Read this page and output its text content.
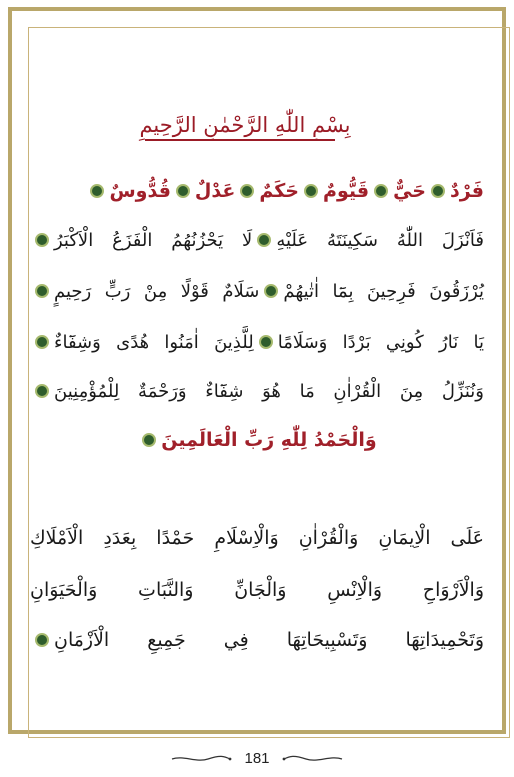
بِسْمِ اللّٰهِ الرَّحْمٰنِ الرَّحِيمِ
فَرْدٌحَيٌّقَيُّومٌحَكَمٌعَدْلٌقُدُّوسٌ
فَاَنْزَلَ اللّٰهُ سَكِينَتَهُ عَلَيْهِلَا يَحْزُنُهُمُ الْفَزَعُ الْاَكْبَرُ
يُرْزَقُونَ فَرِحِينَ بِمَٓا اٰتٰيهُمْسَلَامٌ قَوْلًا مِنْ رَبٍّ رَحِيمٍ
يَا نَارُ كُونِي بَرْدًا وَسَلَامًالِلَّذِينَ اٰمَنُوا هُدًى وَشِفَٓاءٌ
وَنُنَزِّلُ مِنَ الْقُرْاٰنِ مَا هُوَ شِفَٓاءٌ وَرَحْمَةٌ لِلْمُؤْمِنِينَ
وَالْحَمْدُ لِلّٰهِ رَبِّ الْعَالَمِينَ
عَلَى الْاِيمَانِ وَالْقُرْاٰنِ وَالْاِسْلَامِ حَمْدًا بِعَدَدِ الْاَمْلَاكِ
وَالْاَرْوَاحِ وَالْاِنْسِ وَالْجَانِّ وَالنَّبَاتِ وَالْحَيَوَانِ
وَتَحْمِيدَاتِهَا وَتَسْبِيحَاتِهَا فِي جَمِيعِ الْاَزْمَانِ
181
